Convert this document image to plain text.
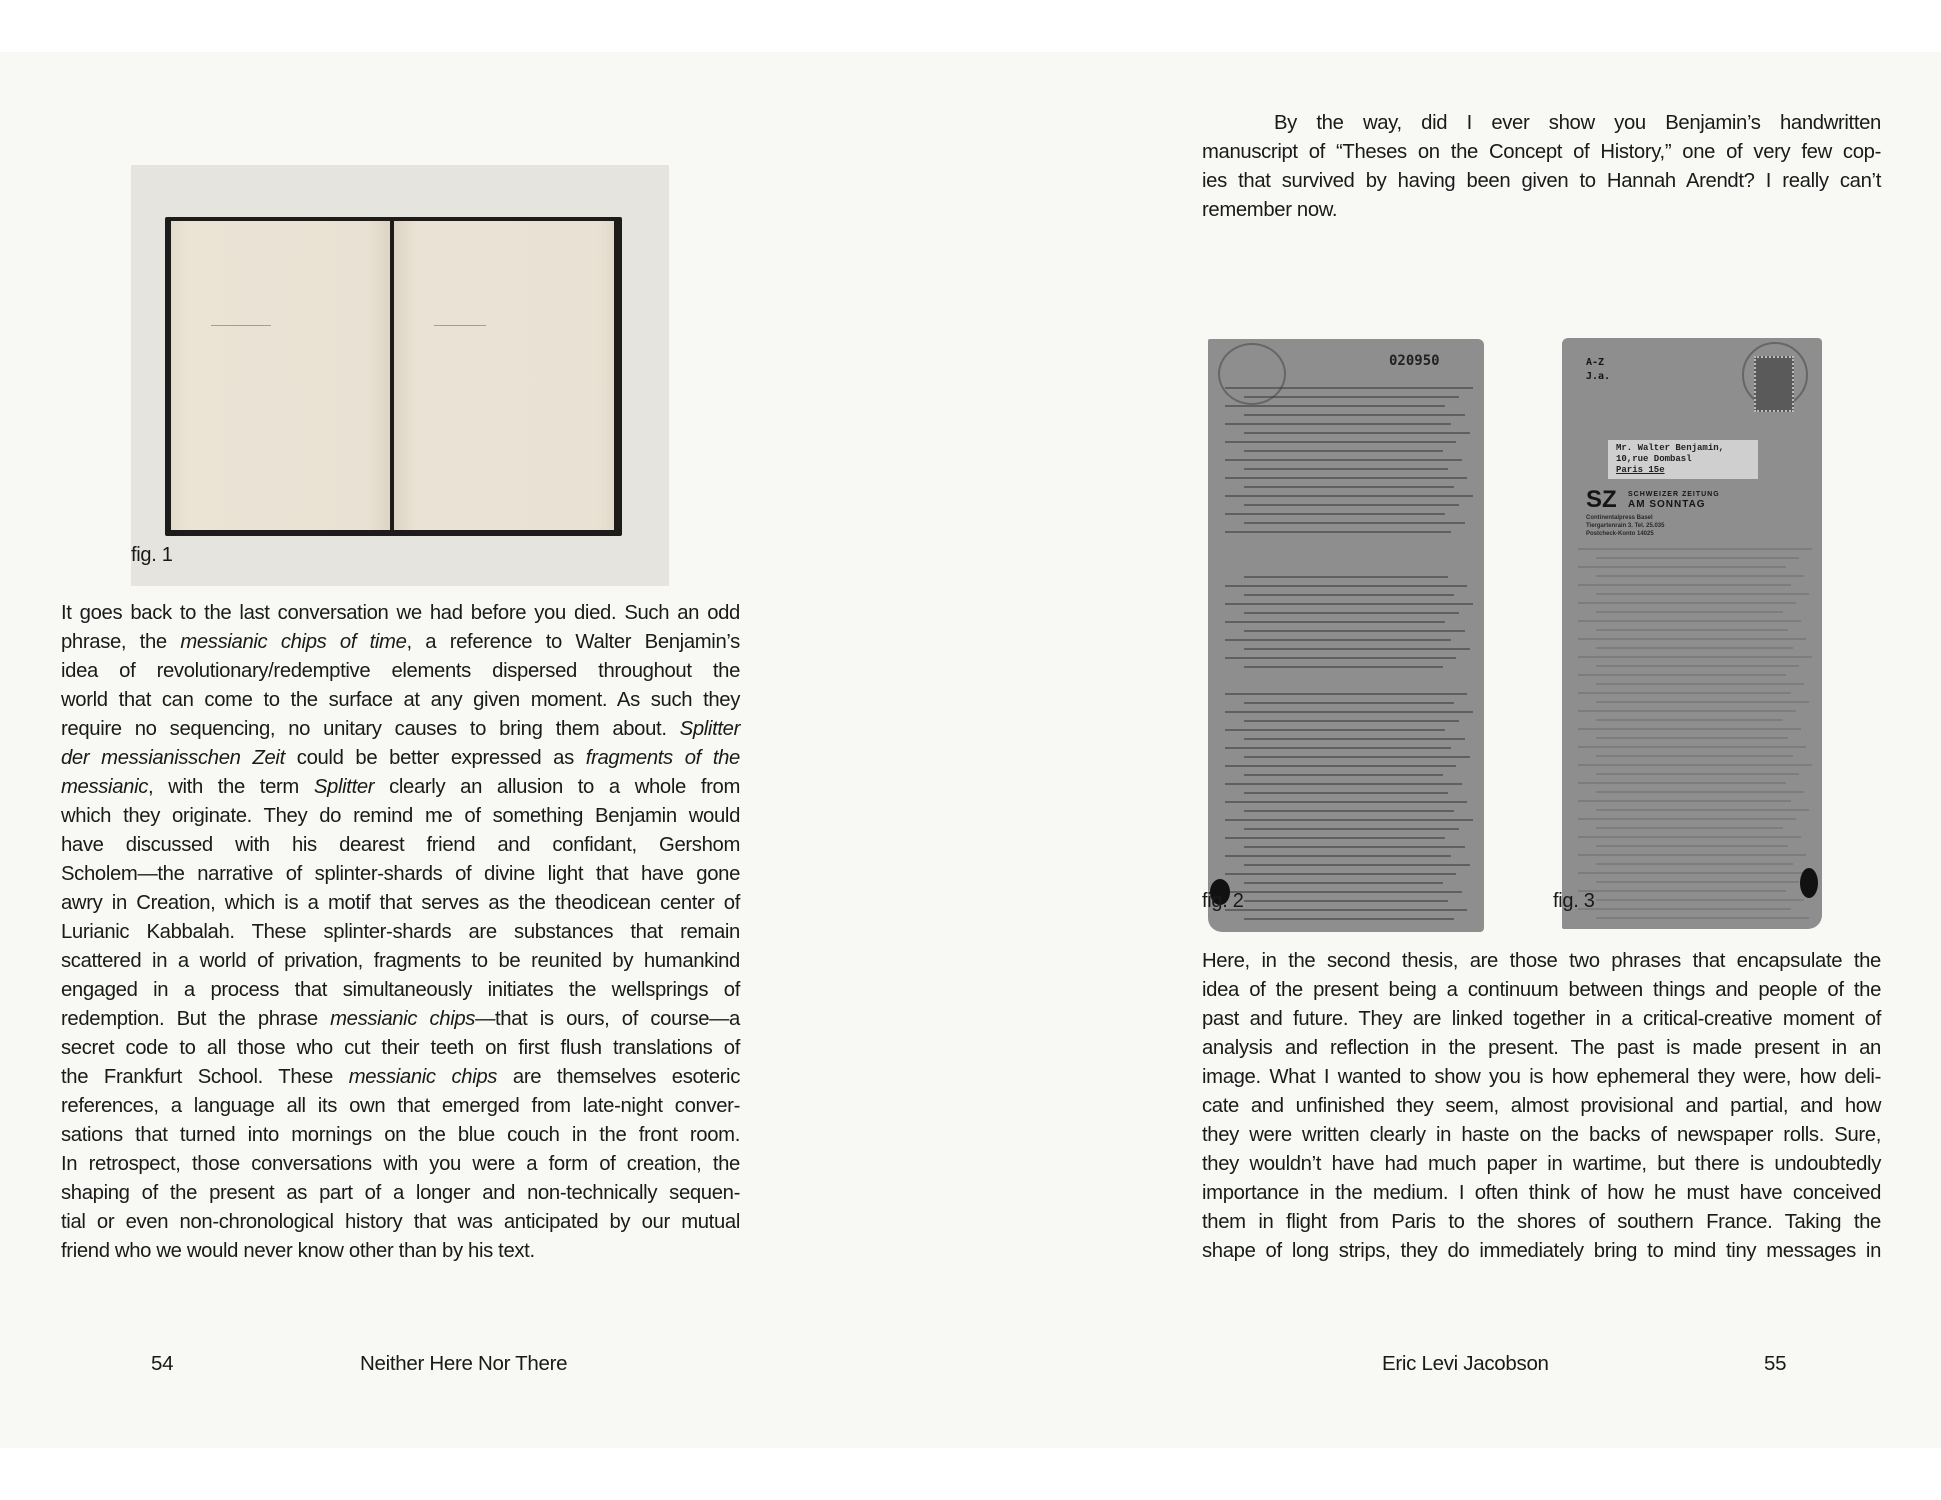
fig. 1
It goes back to the last conversation we had before you died. Such an odd
phrase, the messianic chips of time, a reference to Walter Benjamin’s
idea of revolutionary/redemptive elements dispersed throughout the
world that can come to the surface at any given moment. As such they
require no sequencing, no unitary causes to bring them about. Splitter
der messianisschen Zeit could be better expressed as fragments of the
messianic, with the term Splitter clearly an allusion to a whole from
which they originate. They do remind me of something Benjamin would
have discussed with his dearest friend and confidant, Gershom
Scholem—the narrative of splinter-shards of divine light that have gone
awry in Creation, which is a motif that serves as the theodicean center of
Lurianic Kabbalah. These splinter-shards are substances that remain
scattered in a world of privation, fragments to be reunited by humankind
engaged in a process that simultaneously initiates the wellsprings of
redemption. But the phrase messianic chips—that is ours, of course—a
secret code to all those who cut their teeth on first flush translations of
the Frankfurt School. These messianic chips are themselves esoteric
references, a language all its own that emerged from late-night conver-
sations that turned into mornings on the blue couch in the front room.
In retrospect, those conversations with you were a form of creation, the
shaping of the present as part of a longer and non-technically sequen-
tial or even non-chronological history that was anticipated by our mutual
friend who we would never know other than by his text.
54	Neither Here Nor There
By the way, did I ever show you Benjamin’s handwritten
manuscript of “Theses on the Concept of History,” one of very few cop-
ies that survived by having been given to Hannah Arendt? I really can’t
remember now.
020950
fig. 2
A-Z
J.a.
Mr. Walter Benjamin,
10,rue Dombasl
Paris 15e
SZ SCHWEIZER ZEITUNG
AM SONNTAG
Continentalpress Basel
Tiergartenrain 3. Tel. 25.035
Postcheck-Konto 14025
fig. 3
Here, in the second thesis, are those two phrases that encapsulate the
idea of the present being a continuum between things and people of the
past and future. They are linked together in a critical-creative moment of
analysis and reflection in the present. The past is made present in an
image. What I wanted to show you is how ephemeral they were, how deli-
cate and unfinished they seem, almost provisional and partial, and how
they were written clearly in haste on the backs of newspaper rolls. Sure,
they wouldn’t have had much paper in wartime, but there is undoubtedly
importance in the medium. I often think of how he must have conceived
them in flight from Paris to the shores of southern France. Taking the
shape of long strips, they do immediately bring to mind tiny messages in
Eric Levi Jacobson	55
